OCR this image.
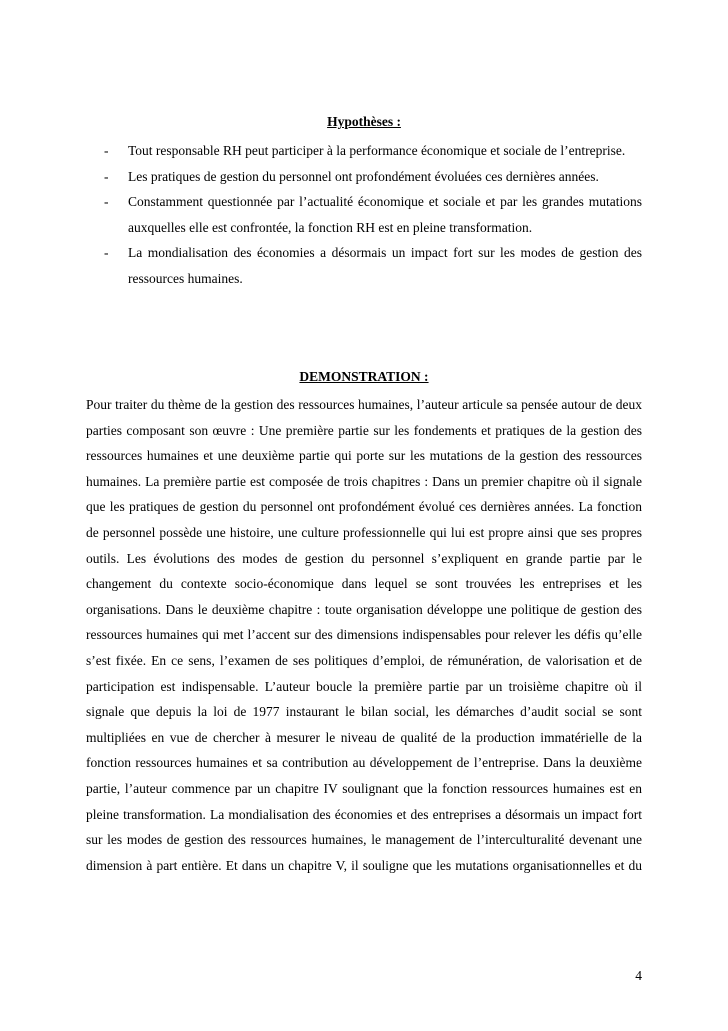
Hypothèses :
- Tout responsable RH peut participer à la performance économique et sociale de l’entreprise.
- Les pratiques de gestion du personnel ont profondément évoluées ces dernières années.
- Constamment questionnée par l’actualité économique et sociale et par les grandes mutations auxquelles elle est confrontée, la fonction RH est en pleine transformation.
- La mondialisation des économies a désormais un impact fort sur les modes de gestion des ressources humaines.
DEMONSTRATION :

Pour traiter du thème de la gestion des ressources humaines, l’auteur articule sa pensée autour de deux parties composant son œuvre : Une première partie sur les fondements et pratiques de la gestion des ressources humaines et une deuxième partie qui porte sur les mutations de la gestion des ressources humaines. La première partie est composée de trois chapitres : Dans un premier chapitre où il signale que les pratiques de gestion du personnel ont profondément évolué ces dernières années. La fonction de personnel possède une histoire, une culture professionnelle qui lui est propre ainsi que ses propres outils. Les évolutions des modes de gestion du personnel s’expliquent en grande partie par le changement du contexte socio-économique dans lequel se sont trouvées les entreprises et les organisations. Dans le deuxième chapitre : toute organisation développe une politique de gestion des ressources humaines qui met l’accent sur des dimensions indispensables pour relever les défis qu’elle s’est fixée. En ce sens, l’examen de ses politiques d’emploi, de rémunération, de valorisation et de participation est indispensable. L’auteur boucle la première partie par un troisième chapitre où il signale que depuis la loi de 1977 instaurant le bilan social, les démarches d’audit social se sont multipliées en vue de chercher à mesurer le niveau de qualité de la production immatérielle de la fonction ressources humaines et sa contribution au développement de l’entreprise. Dans la deuxième partie, l’auteur commence par un chapitre IV soulignant que la fonction ressources humaines est en pleine transformation. La mondialisation des économies et des entreprises a désormais un impact fort sur les modes de gestion des ressources humaines, le management de l’interculturalité devenant une dimension à part entière. Et dans un chapitre V, il souligne que les mutations organisationnelles et du

4
